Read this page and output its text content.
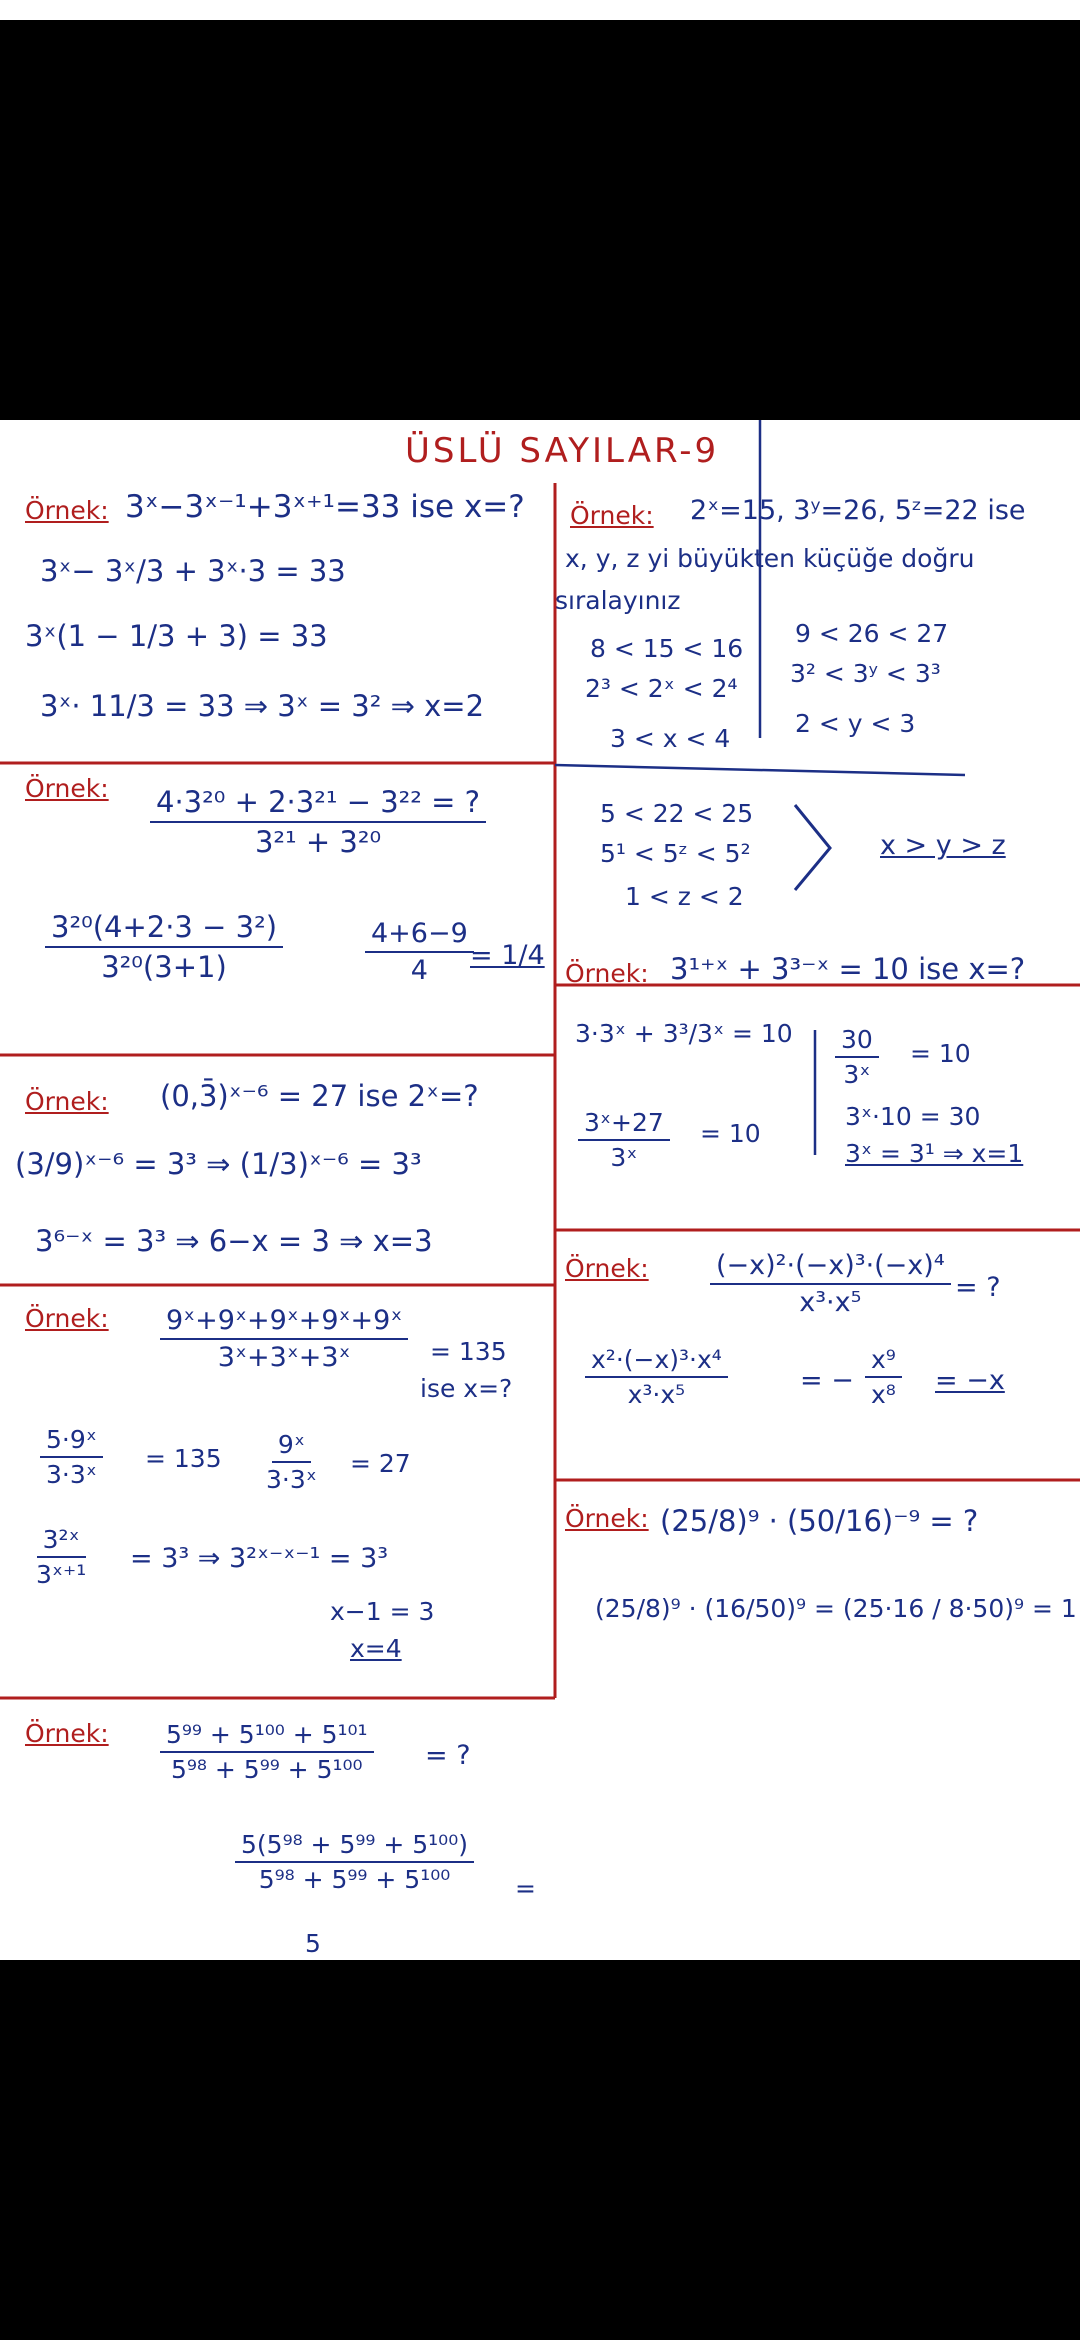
ÜSLÜ SAYILAR-9
Örnek: 3ˣ−3ˣ⁻¹+3ˣ⁺¹=33 ise x=?
3ˣ− 3ˣ/3 + 3ˣ·3 = 33
3ˣ(1 − 1/3 + 3) = 33
3ˣ· 11/3 = 33 ⇒ 3ˣ = 3² ⇒ x=2
Örnek: $\frac{\text{4·3²⁰ + 2·3²¹ − 3²² = ?}}{\text{3²¹ + 3²⁰}}$
$\frac{\text{3²⁰(4+2·3 − 3²)}}{\text{3²⁰(3+1)}}$	$\frac{4+6-9}{4}$
= 1/4
Örnek: (0,3̄)ˣ⁻⁶ = 27 ise 2ˣ=?
(3/9)ˣ⁻⁶ = 3³ ⇒ (1/3)ˣ⁻⁶ = 3³
3⁶⁻ˣ = 3³ ⇒ 6−x = 3 ⇒ x=3
Örnek: $\frac{\text{9ˣ+9ˣ+9ˣ+9ˣ+9ˣ}}{\text{3ˣ+3ˣ+3ˣ}} = 135$
ise x=?
$\frac{\text{5·9ˣ}}{\text{3·3ˣ}} = 135 \frac{\text{9ˣ}}{\text{3·3ˣ}} = 27$
$\frac{\text{3²ˣ}}{\text{3ˣ⁺¹}} = 3^3$ ⇒ 3²ˣ⁻ˣ⁻¹ = 3³
x−1 = 3
x=4
Örnek: $\frac{\text{5⁹⁹ + 5¹⁰⁰ + 5¹⁰¹}}{\text{5⁹⁸ + 5⁹⁹ + 5¹⁰⁰}}$ = ?
$\frac{\text{5(5⁹⁸ + 5⁹⁹ + 5¹⁰⁰)}}{\text{5⁹⁸ + 5⁹⁹ + 5¹⁰⁰}}$ =
5
Örnek: 2ˣ=15, 3ʸ=26, 5ᶻ=22 ise
x, y, z yi büyükten küçüğe doğru
sıralayınız
8 < 15 < 16
2³ < 2ˣ < 2⁴
3 < x < 4
9 < 26 < 27
3² < 3ʸ < 3³
2 < y < 3
5 < 22 < 25
5¹ < 5ᶻ < 5²
1 < z < 2
x > y > z
Örnek: 3¹⁺ˣ + 3³⁻ˣ = 10 ise x=?
3·3ˣ + 3³/3ˣ = 10
$\frac{\text{3ˣ+27}}{\text{3ˣ}} = 10$
$\frac{30}{\text{3ˣ}} = 10$
3ˣ·10 = 30
3ˣ = 3¹ ⇒ x=1
Örnek: $\frac{\text{(−x)²·(−x)³·(−x)⁴}}{\text{x³·x⁵}}$ = ?
$\frac{\text{x²·(−x)³·x⁴}}{\text{x³·x⁵}}$	= − $\frac{\text{x⁹}}{\text{x⁸}} = -x$
Örnek: (25/8)⁹ · (50/16)⁻⁹ = ?
(25/8)⁹ · (16/50)⁹ = (25·16 / 8·50)⁹ = 1
